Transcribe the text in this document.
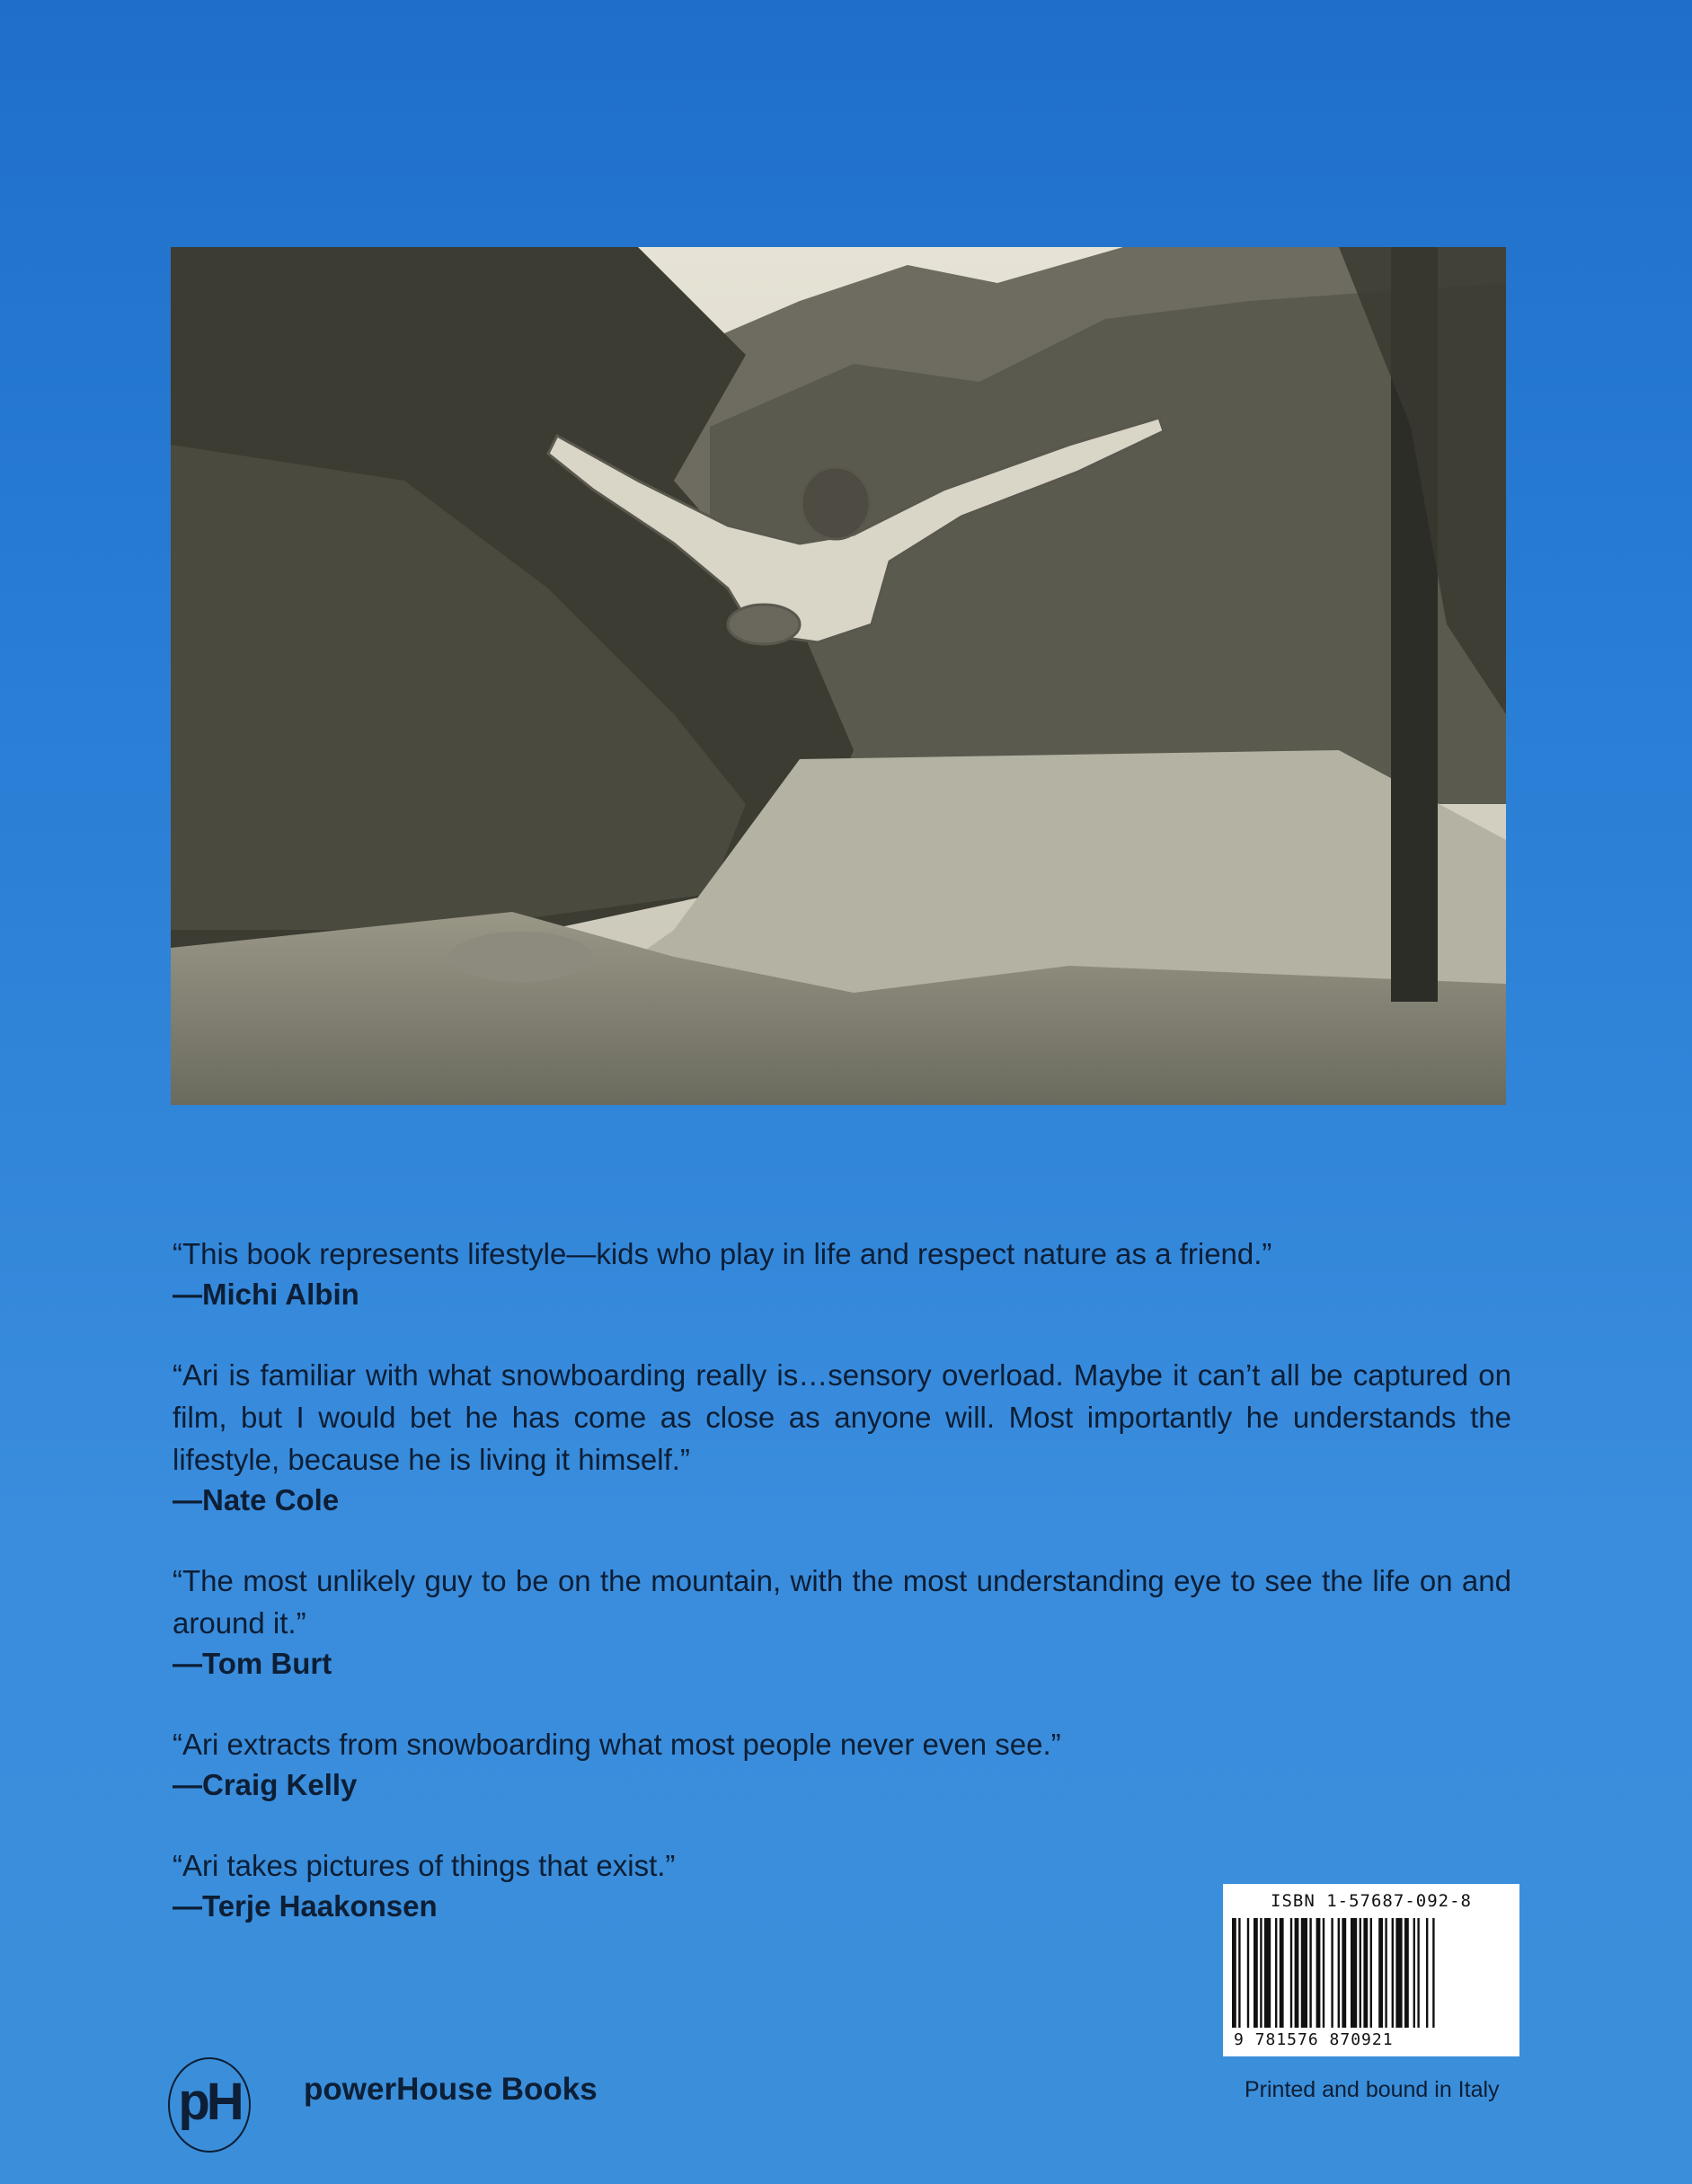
“This book represents lifestyle—kids who play in life and respect nature as a friend.”

—Michi Albin

“Ari is familiar with what snowboarding really is…sensory overload. Maybe it can’t all be captured on film, but I would bet he has come as close as anyone will. Most importantly he understands the lifestyle, because he is living it himself.”

—Nate Cole

“The most unlikely guy to be on the mountain, with the most understanding eye to see the life on and around it.”

—Tom Burt

“Ari extracts from snowboarding what most people never even see.”

—Craig Kelly

“Ari takes pictures of things that exist.”

—Terje Haakonsen	ISBN 1-57687-092-8
9 781576 870921
pH powerHouse Books	Printed and bound in Italy
